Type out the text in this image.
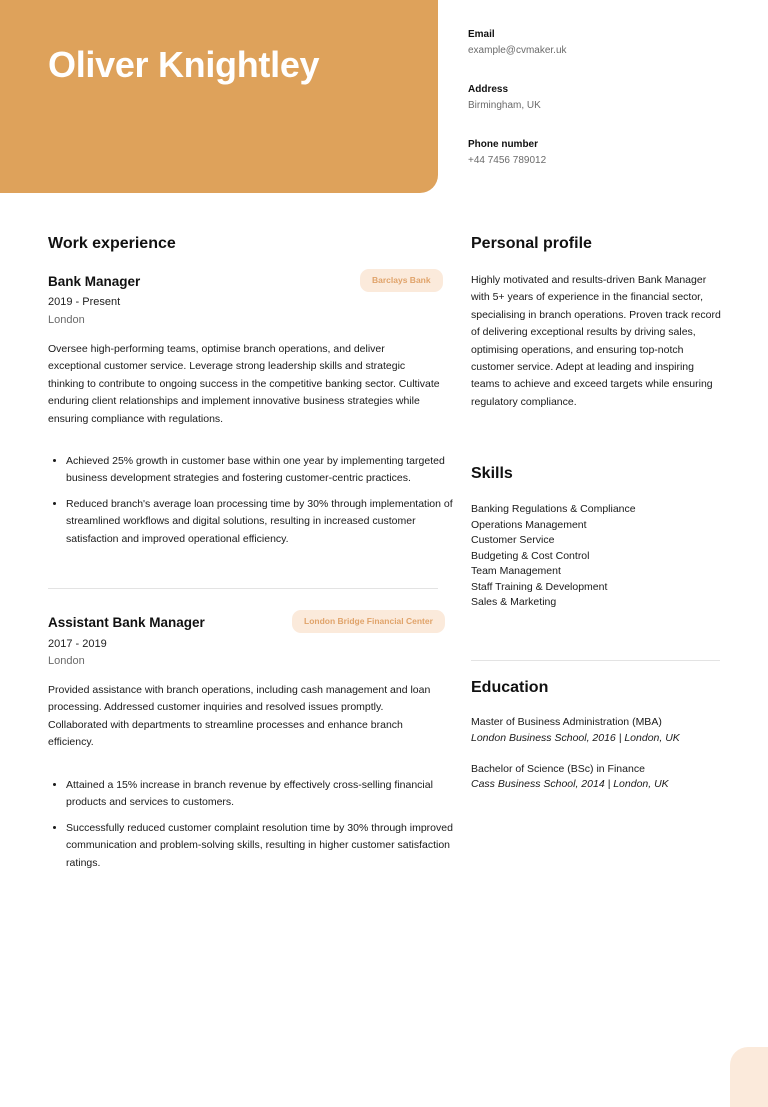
Oliver Knightley
Email
example@cvmaker.uk
Address
Birmingham, UK
Phone number
+44 7456 789012
Work experience
Bank Manager	Barclays Bank
2019 - Present
London

Oversee high-performing teams, optimise branch operations, and deliver exceptional customer service. Leverage strong leadership skills and strategic thinking to contribute to ongoing success in the competitive banking sector. Cultivate enduring client relationships and implement innovative business strategies while ensuring compliance with regulations.

• Achieved 25% growth in customer base within one year by implementing targeted business development strategies and fostering customer-centric practices.
• Reduced branch's average loan processing time by 30% through implementation of streamlined workflows and digital solutions, resulting in increased customer satisfaction and improved operational efficiency.
Assistant Bank Manager	London Bridge Financial Center
2017 - 2019
London

Provided assistance with branch operations, including cash management and loan processing. Addressed customer inquiries and resolved issues promptly. Collaborated with departments to streamline processes and enhance branch efficiency.

• Attained a 15% increase in branch revenue by effectively cross-selling financial products and services to customers.
• Successfully reduced customer complaint resolution time by 30% through improved communication and problem-solving skills, resulting in higher customer satisfaction ratings.
Personal profile

Highly motivated and results-driven Bank Manager with 5+ years of experience in the financial sector, specialising in branch operations. Proven track record of delivering exceptional results by driving sales, optimising operations, and ensuring top-notch customer service. Adept at leading and inspiring teams to achieve and exceed targets while ensuring regulatory compliance.

Skills
Banking Regulations & Compliance
Operations Management
Customer Service
Budgeting & Cost Control
Team Management
Staff Training & Development
Sales & Marketing
Education
Master of Business Administration (MBA)
London Business School, 2016 | London, UK
Bachelor of Science (BSc) in Finance
Cass Business School, 2014 | London, UK
